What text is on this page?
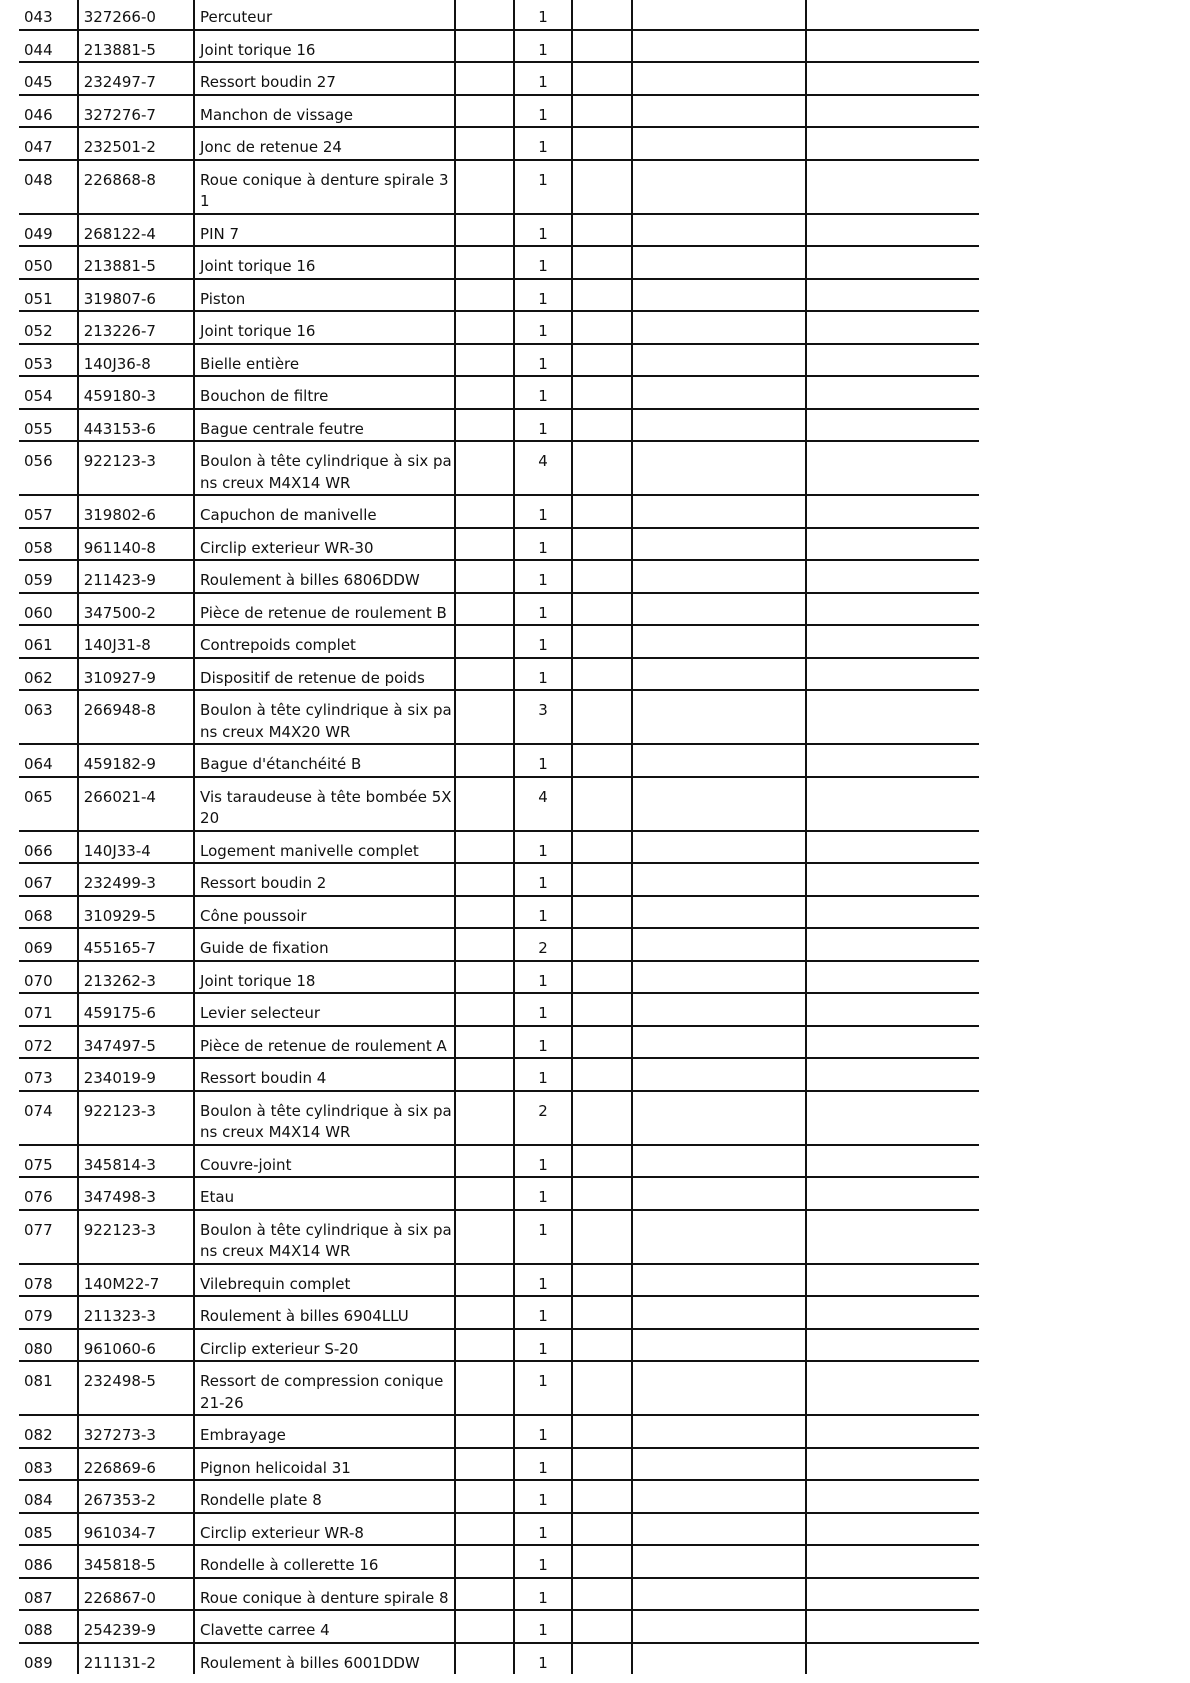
043	327266-0	Percuteur		1			

044	213881-5	Joint torique 16		1			

045	232497-7	Ressort boudin 27		1			

046	327276-7	Manchon de vissage		1			

047	232501-2	Jonc de retenue 24		1			

048	226868-8	Roue conique à denture spirale 3 1		1			

049	268122-4	PIN 7		1			

050	213881-5	Joint torique 16		1			

051	319807-6	Piston		1			

052	213226-7	Joint torique 16		1			

053	140J36-8	Bielle entière		1			

054	459180-3	Bouchon de filtre		1			

055	443153-6	Bague centrale feutre		1			

056	922123-3	Boulon à tête cylindrique à six pa ns creux M4X14 WR		4			

057	319802-6	Capuchon de manivelle		1			

058	961140-8	Circlip exterieur WR-30		1			

059	211423-9	Roulement à billes 6806DDW		1			

060	347500-2	Pièce de retenue de roulement B		1			

061	140J31-8	Contrepoids complet		1			

062	310927-9	Dispositif de retenue de poids		1			

063	266948-8	Boulon à tête cylindrique à six pa ns creux M4X20 WR		3			

064	459182-9	Bague d'étanchéité B		1			

065	266021-4	Vis taraudeuse à tête bombée 5X 20		4			

066	140J33-4	Logement manivelle complet		1			

067	232499-3	Ressort boudin 2		1			

068	310929-5	Cône poussoir		1			

069	455165-7	Guide de fixation		2			

070	213262-3	Joint torique 18		1			

071	459175-6	Levier selecteur		1			

072	347497-5	Pièce de retenue de roulement A		1			

073	234019-9	Ressort boudin 4		1			

074	922123-3	Boulon à tête cylindrique à six pa ns creux M4X14 WR		2			

075	345814-3	Couvre-joint		1			

076	347498-3	Etau		1			

077	922123-3	Boulon à tête cylindrique à six pa ns creux M4X14 WR		1			

078	140M22-7	Vilebrequin complet		1			

079	211323-3	Roulement à billes 6904LLU		1			

080	961060-6	Circlip exterieur S-20		1			

081	232498-5	Ressort de compression conique 21-26		1			

082	327273-3	Embrayage		1			

083	226869-6	Pignon helicoidal 31		1			

084	267353-2	Rondelle plate 8		1			

085	961034-7	Circlip exterieur WR-8		1			

086	345818-5	Rondelle à collerette 16		1			

087	226867-0	Roue conique à denture spirale 8		1			

088	254239-9	Clavette carree 4		1			

089	211131-2	Roulement à billes 6001DDW		1			
